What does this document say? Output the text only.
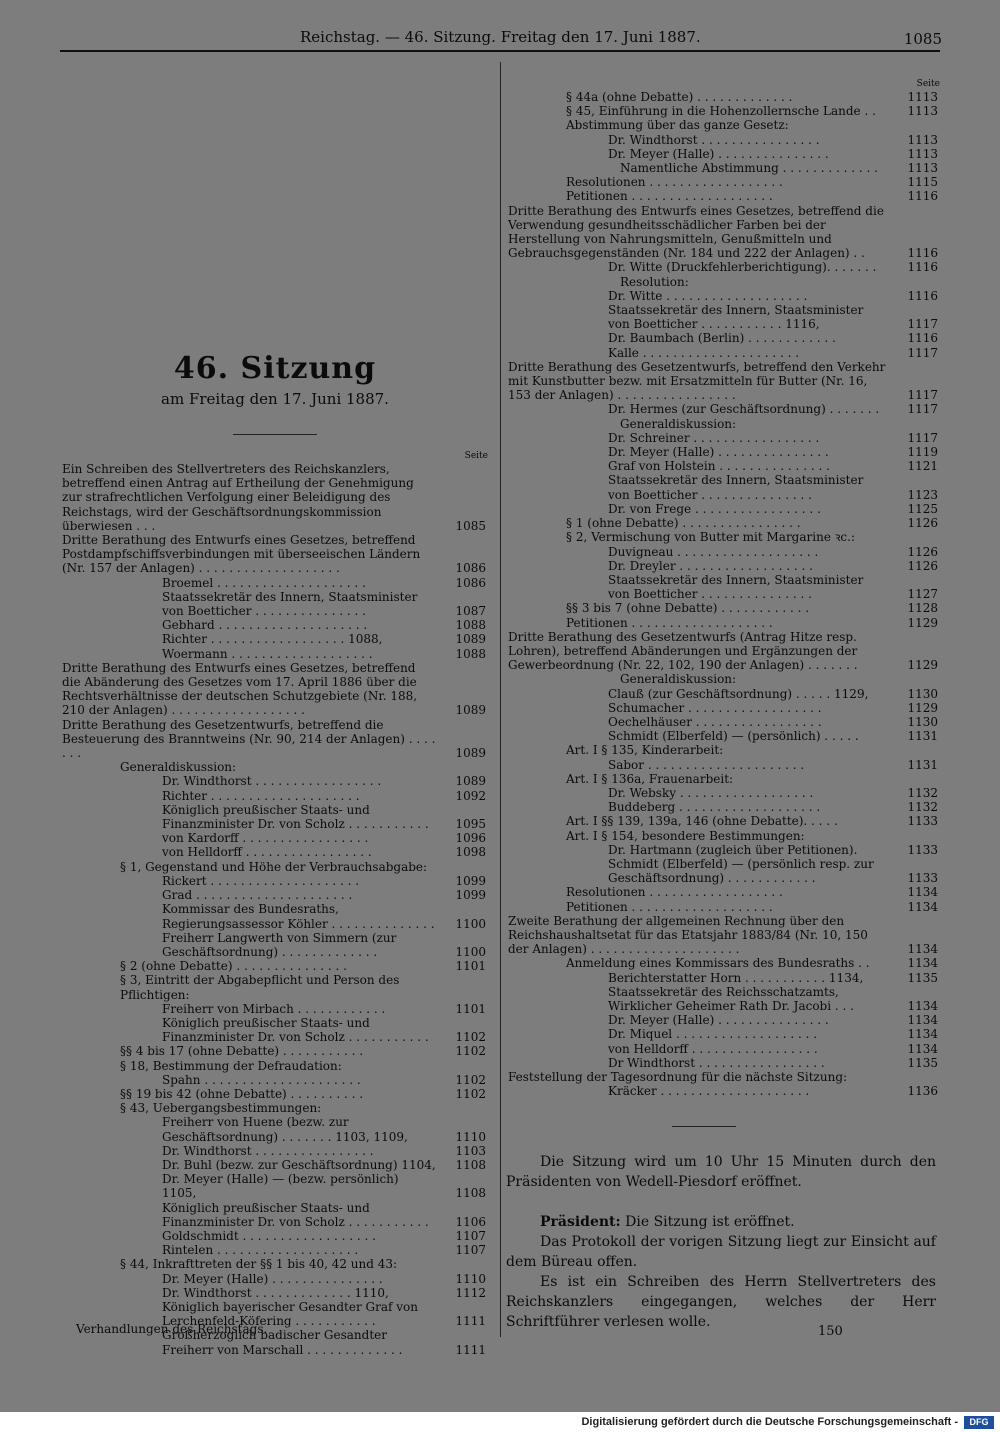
Reichstag. — 46. Sitzung. Freitag den 17. Juni 1887.	1085
46. Sitzung
am Freitag den 17. Juni 1887.
Seite
Ein Schreiben des Stellvertreters des Reichskanzlers, betreffend einen Antrag auf Ertheilung der Genehmigung zur strafrechtlichen Verfolgung einer Beleidigung des Reichstags, wird der Geschäftsordnungskommission überwiesen . . .	1085
Dritte Berathung des Entwurfs eines Gesetzes, betreffend Postdampfschiffsverbindungen mit überseeischen Ländern (Nr. 157 der Anlagen) . . . . . . . . . . . . . . . . . . .	1086
Broemel . . . . . . . . . . . . . . . . . . . .	1086
Staatssekretär des Innern, Staatsminister von Boetticher . . . . . . . . . . . . . . .	1087
Gebhard . . . . . . . . . . . . . . . . . . . .	1088
Richter . . . . . . . . . . . . . . . . . . 1088,	1089
Woermann . . . . . . . . . . . . . . . . . . .	1088
Dritte Berathung des Entwurfs eines Gesetzes, betreffend die Abänderung des Gesetzes vom 17. April 1886 über die Rechtsverhältnisse der deutschen Schutzgebiete (Nr. 188, 210 der Anlagen) . . . . . . . . . . . . . . . . . .	1089
Dritte Berathung des Gesetzentwurfs, betreffend die Besteuerung des Branntweins (Nr. 90, 214 der Anlagen) . . . . . . .	1089
Generaldiskussion:
Dr. Windthorst . . . . . . . . . . . . . . . . .	1089
Richter . . . . . . . . . . . . . . . . . . . .	1092
Königlich preußischer Staats- und Finanzminister Dr. von Scholz . . . . . . . . . . .	1095
von Kardorff . . . . . . . . . . . . . . . . .	1096
von Helldorff . . . . . . . . . . . . . . . . .	1098
§ 1, Gegenstand und Höhe der Verbrauchsabgabe:
Rickert . . . . . . . . . . . . . . . . . . . .	1099
Grad . . . . . . . . . . . . . . . . . . . . .	1099
Kommissar des Bundesraths, Regierungsassessor Köhler . . . . . . . . . . . . . . 1100
Freiherr Langwerth von Simmern (zur Geschäftsordnung) . . . . . . . . . . . . .	1100
§ 2 (ohne Debatte) . . . . . . . . . . . . . . .	1101
§ 3, Eintritt der Abgabepflicht und Person des Pflichtigen:
Freiherr von Mirbach . . . . . . . . . . . .	1101
Königlich preußischer Staats- und Finanzminister Dr. von Scholz . . . . . . . . . . .	1102
§§ 4 bis 17 (ohne Debatte) . . . . . . . . . . .	1102
§ 18, Bestimmung der Defraudation:
Spahn . . . . . . . . . . . . . . . . . . . . .	1102
§§ 19 bis 42 (ohne Debatte) . . . . . . . . . .	1102
§ 43, Uebergangsbestimmungen:
Freiherr von Huene (bezw. zur Geschäftsordnung) . . . . . . . 1103, 1109,	1110
Dr. Windthorst . . . . . . . . . . . . . . . .	1103
Dr. Buhl (bezw. zur Geschäftsordnung) 1104, 1108
Dr. Meyer (Halle) — (bezw. persönlich) 1105,	1108
Königlich preußischer Staats- und Finanzminister Dr. von Scholz . . . . . . . . . . .	1106
Goldschmidt . . . . . . . . . . . . . . . . . .	1107
Rintelen . . . . . . . . . . . . . . . . . . .	1107
§ 44, Inkrafttreten der §§ 1 bis 40, 42 und 43:
Dr. Meyer (Halle) . . . . . . . . . . . . . . .	1110
Dr. Windthorst . . . . . . . . . . . . . 1110,	1112
Königlich bayerischer Gesandter Graf von Lerchenfeld-Köfering . . . . . . . . . . .	1111
Großherzoglich badischer Gesandter Freiherr von Marschall . . . . . . . . . . . . .	1111
Verhandlungen des Reichstags.
Seite
§ 44a (ohne Debatte) . . . . . . . . . . . . .	1113
§ 45, Einführung in die Hohenzollernsche Lande . .	1113
Abstimmung über das ganze Gesetz:
Dr. Windthorst . . . . . . . . . . . . . . . .	1113
Dr. Meyer (Halle) . . . . . . . . . . . . . . .	1113
Namentliche Abstimmung . . . . . . . . . . . . .	1113
Resolutionen . . . . . . . . . . . . . . . . . .	1115
Petitionen . . . . . . . . . . . . . . . . . . .	1116
Dritte Berathung des Entwurfs eines Gesetzes, betreffend die Verwendung gesundheitsschädlicher Farben bei der Herstellung von Nahrungsmitteln, Genußmitteln und Gebrauchsgegenständen (Nr. 184 und 222 der Anlagen) . .	1116
Dr. Witte (Druckfehlerberichtigung). . . . . . .	1116
Resolution:
Dr. Witte . . . . . . . . . . . . . . . . . . .	1116
Staatssekretär des Innern, Staatsminister von Boetticher . . . . . . . . . . . 1116,	1117
Dr. Baumbach (Berlin) . . . . . . . . . . . .	1116
Kalle . . . . . . . . . . . . . . . . . . . . .	1117
Dritte Berathung des Gesetzentwurfs, betreffend den Verkehr mit Kunstbutter bezw. mit Ersatzmitteln für Butter (Nr. 16, 153 der Anlagen) . . . . . . . . . . . . . . . .	1117
Dr. Hermes (zur Geschäftsordnung) . . . . . . .	1117
Generaldiskussion:
Dr. Schreiner . . . . . . . . . . . . . . . . .	1117
Dr. Meyer (Halle) . . . . . . . . . . . . . . .	1119
Graf von Holstein . . . . . . . . . . . . . . .	1121
Staatssekretär des Innern, Staatsminister von Boetticher . . . . . . . . . . . . . . .	1123
Dr. von Frege . . . . . . . . . . . . . . . . .	1125
§ 1 (ohne Debatte) . . . . . . . . . . . . . . . .	1126
§ 2, Vermischung von Butter mit Margarine ꝛc.:
Duvigneau . . . . . . . . . . . . . . . . . . .	1126
Dr. Dreyler . . . . . . . . . . . . . . . . . .	1126
Staatssekretär des Innern, Staatsminister von Boetticher . . . . . . . . . . . . . . .	1127
§§ 3 bis 7 (ohne Debatte) . . . . . . . . . . . .	1128
Petitionen . . . . . . . . . . . . . . . . . . .	1129
Dritte Berathung des Gesetzentwurfs (Antrag Hitze resp. Lohren), betreffend Abänderungen und Ergänzungen der Gewerbeordnung (Nr. 22, 102, 190 der Anlagen) . . . . . . .	1129
Generaldiskussion:
Clauß (zur Geschäftsordnung) . . . . . 1129,	1130
Schumacher . . . . . . . . . . . . . . . . . .	1129
Oechelhäuser . . . . . . . . . . . . . . . . .	1130
Schmidt (Elberfeld) — (persönlich) . . . . .	1131
Art. I § 135, Kinderarbeit:
Sabor . . . . . . . . . . . . . . . . . . . . .	1131
Art. I § 136a, Frauenarbeit:
Dr. Websky . . . . . . . . . . . . . . . . . .	1132
Buddeberg . . . . . . . . . . . . . . . . . . .	1132
Art. I §§ 139, 139a, 146 (ohne Debatte). . . . .	1133
Art. I § 154, besondere Bestimmungen:
Dr. Hartmann (zugleich über Petitionen).	1133
Schmidt (Elberfeld) — (persönlich resp. zur Geschäftsordnung) . . . . . . . . . . . .	1133
Resolutionen . . . . . . . . . . . . . . . . . .	1134
Petitionen . . . . . . . . . . . . . . . . . . .	1134
Zweite Berathung der allgemeinen Rechnung über den Reichshaushaltsetat für das Etatsjahr 1883/84 (Nr. 10, 150 der Anlagen) . . . . . . . . . . . . . . . . . . . .	1134
Anmeldung eines Kommissars des Bundesraths . .	1134
Berichterstatter Horn . . . . . . . . . . . 1134,	1135
Staatssekretär des Reichsschatzamts, Wirklicher Geheimer Rath Dr. Jacobi . . .	1134
Dr. Meyer (Halle) . . . . . . . . . . . . . . .	1134
Dr. Miquel . . . . . . . . . . . . . . . . . . .	1134
von Helldorff . . . . . . . . . . . . . . . . .	1134
Dr Windthorst . . . . . . . . . . . . . . . . .	1135
Feststellung der Tagesordnung für die nächste Sitzung:
Kräcker . . . . . . . . . . . . . . . . . . . .	1136
Die Sitzung wird um 10 Uhr 15 Minuten durch den Präsidenten von Wedell-Piesdorf eröffnet.
Präsident: Die Sitzung ist eröffnet.
Das Protokoll der vorigen Sitzung liegt zur Einsicht auf dem Büreau offen.
Es ist ein Schreiben des Herrn Stellvertreters des Reichskanzlers eingegangen, welches der Herr Schriftführer verlesen wolle.
150
Digitalisierung gefördert durch die Deutsche Forschungsgemeinschaft -	DFG
